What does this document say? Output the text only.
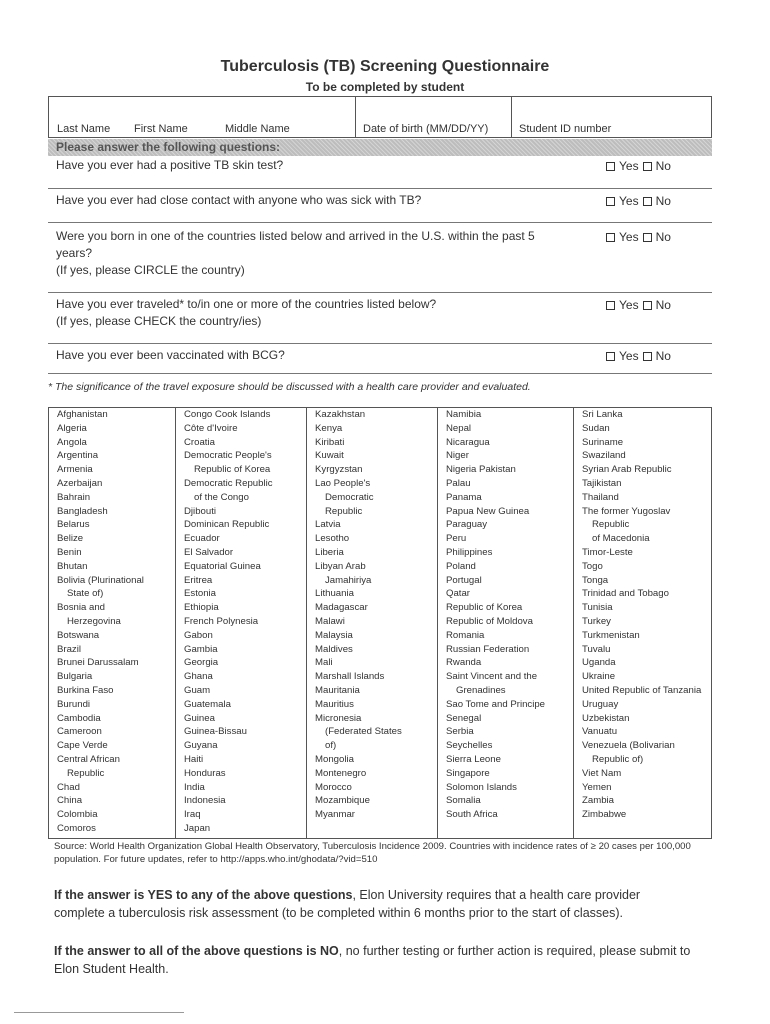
Tuberculosis (TB) Screening Questionnaire
To be completed by student
Last Name First Name	Middle Name	Date of birth (MM/DD/YY)	Student ID number
Please answer the following questions:
Have you ever had a positive TB skin test?	Yes No
Have you ever had close contact with anyone who was sick with TB?	Yes No
Were you born in one of the countries listed below and arrived in the U.S. within the past 5
years?
(If yes, please CIRCLE the country)
Yes No
Have you ever traveled* to/in one or more of the countries listed below?
(If yes, please CHECK the country/ies)
Yes No
Have you ever been vaccinated with BCG?	Yes No
* The significance of the travel exposure should be discussed with a health care provider and evaluated.
Afghanistan
Algeria
Angola
Argentina
Armenia
Azerbaijan
Bahrain
Bangladesh
Belarus
Belize
Benin
Bhutan
Bolivia (Plurinational
State of)
Bosnia and
Herzegovina
Botswana
Brazil
Brunei Darussalam
Bulgaria
Burkina Faso
Burundi
Cambodia
Cameroon
Cape Verde
Central African
Republic
Chad
China
Colombia
Comoros
Congo Cook Islands
Côte d'Ivoire
Croatia
Democratic People's
Republic of Korea
Democratic Republic
of the Congo
Djibouti
Dominican Republic
Ecuador
El Salvador
Equatorial Guinea
Eritrea
Estonia
Ethiopia
French Polynesia
Gabon
Gambia
Georgia
Ghana
Guam
Guatemala
Guinea
Guinea-Bissau
Guyana
Haiti
Honduras
India
Indonesia
Iraq
Japan
Kazakhstan
Kenya
Kiribati
Kuwait
Kyrgyzstan
Lao People's
Democratic
Republic
Latvia
Lesotho
Liberia
Libyan Arab
Jamahiriya
Lithuania
Madagascar
Malawi
Malaysia
Maldives
Mali
Marshall Islands
Mauritania
Mauritius
Micronesia
(Federated States
of)
Mongolia
Montenegro
Morocco
Mozambique
Myanmar
Namibia
Nepal
Nicaragua
Niger
Nigeria Pakistan
Palau
Panama
Papua New Guinea
Paraguay
Peru
Philippines
Poland
Portugal
Qatar
Republic of Korea
Republic of Moldova
Romania
Russian Federation
Rwanda
Saint Vincent and the
Grenadines
Sao Tome and Principe
Senegal
Serbia
Seychelles
Sierra Leone
Singapore
Solomon Islands
Somalia
South Africa
Sri Lanka
Sudan
Suriname
Swaziland
Syrian Arab Republic
Tajikistan
Thailand
The former Yugoslav
Republic
of Macedonia
Timor-Leste
Togo
Tonga
Trinidad and Tobago
Tunisia
Turkey
Turkmenistan
Tuvalu
Uganda
Ukraine
United Republic of Tanzania
Uruguay
Uzbekistan
Vanuatu
Venezuela (Bolivarian
Republic of)
Viet Nam
Yemen
Zambia
Zimbabwe
Source: World Health Organization Global Health Observatory, Tuberculosis Incidence 2009. Countries with incidence rates of ≥ 20 cases per 100,000 population. For future updates, refer to http://apps.who.int/ghodata/?vid=510
If the answer is YES to any of the above questions, Elon University requires that a health care provider complete a tuberculosis risk assessment (to be completed within 6 months prior to the start of classes).
If the answer to all of the above questions is NO, no further testing or further action is required, please submit to Elon Student Health.
